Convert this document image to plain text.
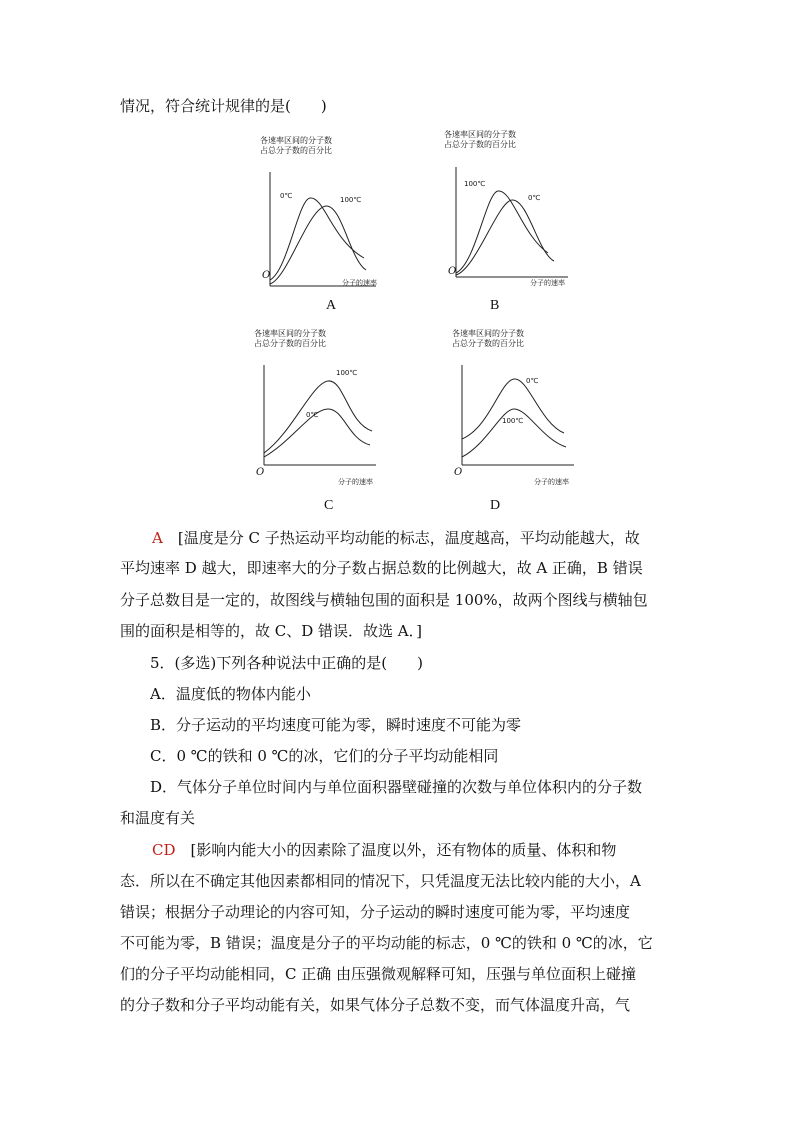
情况，符合统计规律的是(　　)
各速率区间的分子数
占总分子数的百分比
0℃	100℃
O
分子的速率
A
各速率区间的分子数
占总分子数的百分比
100℃
0℃
O
分子的速率
B
各速率区间的分子数
占总分子数的百分比
100℃
0℃
O
分子的速率
C
各速率区间的分子数
占总分子数的百分比
0℃
100℃
O
分子的速率
D
A　 [温度是分 C 子热运动平均动能的标志，温度越高，平均动能越大，故
平均速率 D 越大，即速率大的分子数占据总数的比例越大，故 A 正确，B 错误
分子总数目是一定的，故图线与横轴包围的面积是 100%，故两个图线与横轴包
围的面积是相等的，故 C、D 错误．故选 A．]
5．(多选)下列各种说法中正确的是(　　)
A．温度低的物体内能小
B．分子运动的平均速度可能为零，瞬时速度不可能为零
C．0 ℃的铁和 0 ℃的冰，它们的分子平均动能相同
D．气体分子单位时间内与单位面积器壁碰撞的次数与单位体积内的分子数
和温度有关
CD　 [影响内能大小的因素除了温度以外，还有物体的质量、体积和物
态．所以在不确定其他因素都相同的情况下，只凭温度无法比较内能的大小，A
错误；根据分子动理论的内容可知，分子运动的瞬时速度可能为零，平均速度
不可能为零，B 错误；温度是分子的平均动能的标志，0 ℃的铁和 0 ℃的冰，它
们的分子平均动能相同，C 正确 由压强微观解释可知，压强与单位面积上碰撞
的分子数和分子平均动能有关，如果气体分子总数不变，而气体温度升高，气
